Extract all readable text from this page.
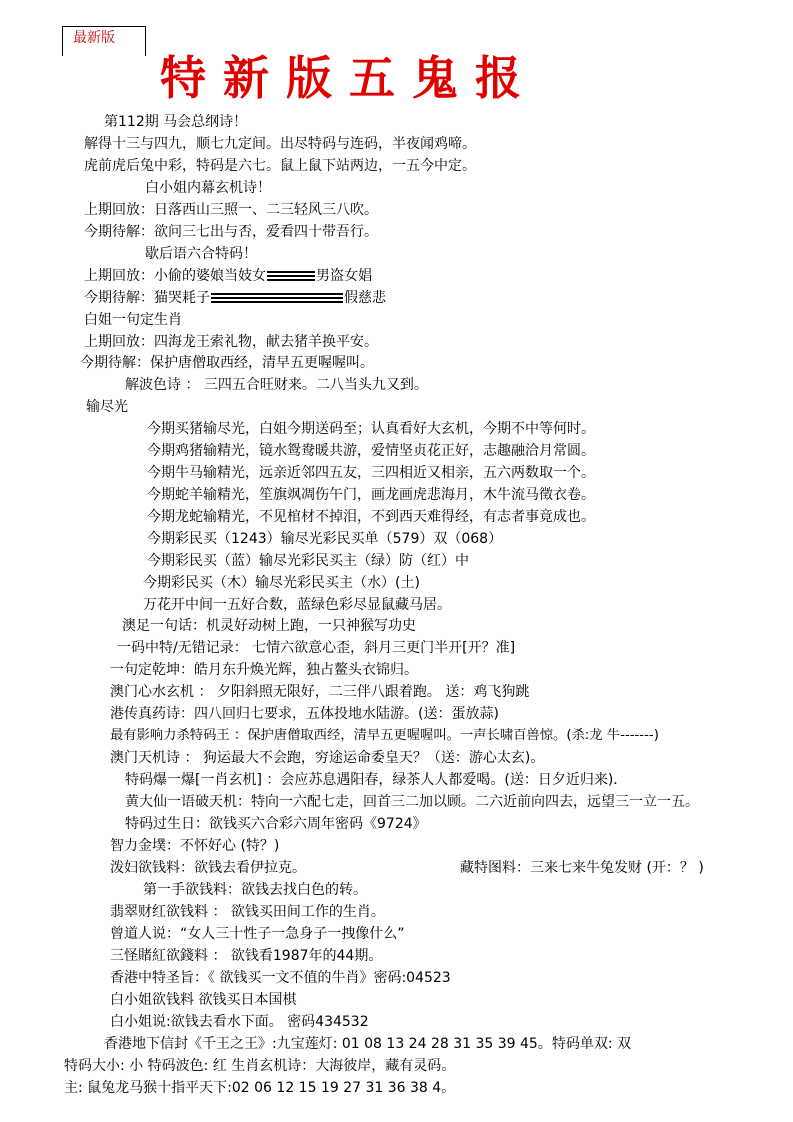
最新版
特新版五鬼报
第112期 马会总纲诗！
解得十三与四九，顺七九定间。出尽特码与连码，半夜闻鸡啼。
虎前虎后兔中彩，特码是六七。鼠上鼠下站两边，一五今中定。
白小姐内幕玄机诗！
上期回放：日落西山三照一、二三轻风三八吹。
今期待解：欲问三七出与否，爱看四十带吾行。
歇后语六合特码！
上期回放：小偷的婆娘当妓女	男盗女娼
今期待解：猫哭耗子	假慈悲
白姐一句定生肖
上期回放：四海龙王索礼物，献去猪羊换平安。
今期待解：保护唐僧取西经，清早五更喔喔叫。
解波色诗 ： 三四五合旺财来。二八当头九又到。
输尽光
今期买猪输尽光，白姐今期送码至；认真看好大玄机，今期不中等何时。
今期鸡猪输精光，镜水鸳鸯暖共游，爱情坚贞花正好，志趣融洽月常圆。
今期牛马输精光，远亲近邻四五友，三四相近又相亲，五六两数取一个。
今期蛇羊输精光，笙旗飒凋伤午门，画龙画虎悲海月，木牛流马徵衣卷。
今期龙蛇输精光，不见棺材不掉泪，不到西天难得经，有志者事竟成也。
今期彩民买（1243）输尽光彩民买单（579）双（068）
今期彩民买（蓝）输尽光彩民买主（绿）防（红）中
今期彩民买（木）输尽光彩民买主（水）(土)
万花开中间一五好合数，蓝绿色彩尽显鼠藏马居。
澳足一句话：机灵好动树上跑，一只神猴写功史
一码中特/无错记录： 七情六欲意心歪，斜月三更门半开[开？准]
一句定乾坤：皓月东升焕光辉，独占鳌头衣锦归。
澳门心水玄机 ： 夕阳斜照无限好，二三伴八跟着跑。 送：鸡飞狗跳
港传真药诗：四八回归七要求，五体投地水陆游。(送：蛋放蒜)
最有影响力杀特码王 ：保护唐僧取西经，清早五更喔喔叫。一声长啸百兽惊。(杀:龙 牛-------)
澳门天机诗 ： 狗运最大不会跑，穷途运命委皇天？（送：游心太玄)。
特码爆一爆[一肖玄机] ：会应苏息遇阳春，绿茶人人都爱喝。(送：日夕近归来)．
黄大仙一语破天机：特向一六配七走，回首三二加以顾。二六近前向四去，远望三一立一五。
特码过生日：欲钱买六合彩六周年密码《9724》
智力金墣：不怀好心 (特？)
泼妇欲钱料：欲钱去看伊拉克。	藏特图料：三来七来牛兔发财 (开：？ )
第一手欲钱料：欲钱去找白色的转。
翡翠财红欲钱料 ： 欲钱买田间工作的生肖。
曾道人说：“女人三十性子一急身子一拽像什么”
三怪賭紅欲錢料 ： 欲钱看1987年的44期。
香港中特圣旨：《 欲钱买一文不值的牛肖》密码:04523
白小姐欲钱料 欲钱买日本国棋
白小姐说:欲钱去看水下面。 密码434532
香港地下信封《千王之王》:九宝莲灯: 01 08 13 24 28 31 35 39 45。特码单双: 双
特码大小: 小 特码波色: 红 生肖玄机诗：大海彼岸，藏有灵码。
主: 鼠兔龙马猴十指平天下:02 06 12 15 19 27 31 36 38 4。
